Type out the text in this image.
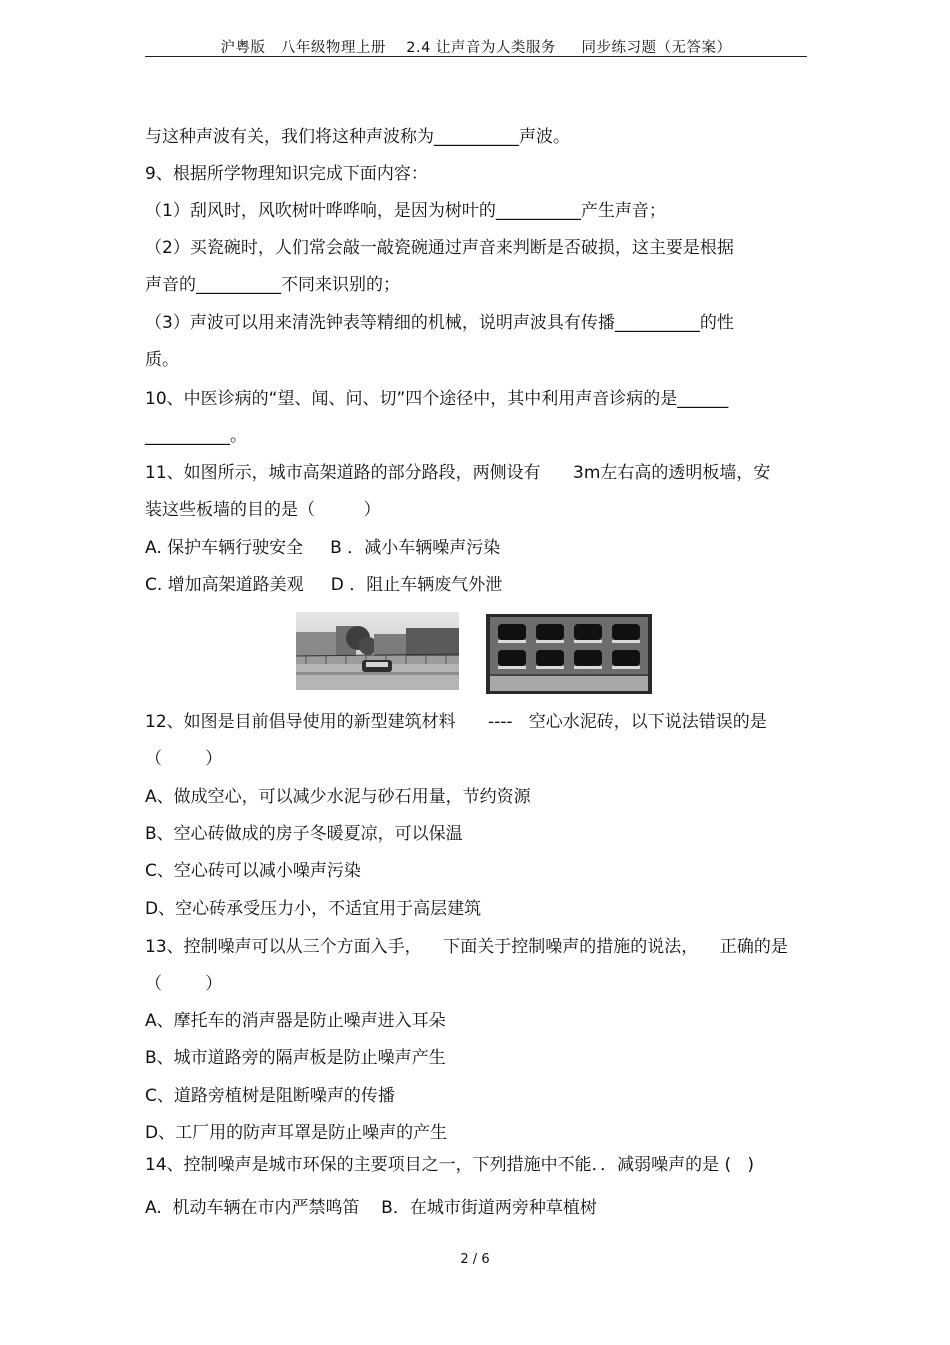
沪粤版   八年级物理上册    2.4 让声音为人类服务     同步练习题（无答案）
与这种声波有关，我们将这种声波称为__________声波。
9、根据所学物理知识完成下面内容：
（1）刮风时，风吹树叶哗哗响，是因为树叶的__________产生声音；
（2）买瓷碗时，人们常会敲一敲瓷碗通过声音来判断是否破损，这主要是根据
声音的__________不同来识别的；
（3）声波可以用来清洗钟表等精细的机械，说明声波具有传播__________的性
质。
10、中医诊病的“望、闻、问、切”四个途径中，其中利用声音诊病的是______
__________。
11、如图所示，城市高架道路的部分路段，两侧设有      3m左右高的透明板墙，安
装这些板墙的目的是（         ）
A. 保护车辆行驶安全     B ．减小车辆噪声污染
C. 增加高架道路美观     D ．阻止车辆废气外泄
12、如图是目前倡导使用的新型建筑材料      ----   空心水泥砖，以下说法错误的是
（        ）
A、做成空心，可以减少水泥与砂石用量，节约资源
B、空心砖做成的房子冬暖夏凉，可以保温
C、空心砖可以减小噪声污染
D、空心砖承受压力小，不适宜用于高层建筑
13、控制噪声可以从三个方面入手，    下面关于控制噪声的措施的说法，    正确的是
（        ）
A、摩托车的消声器是防止噪声进入耳朵
B、城市道路旁的隔声板是防止噪声产生
C、道路旁植树是阻断噪声的传播
D、工厂用的防声耳罩是防止噪声的产生
14、控制噪声是城市环保的主要项目之一，下列措施中不能．．减弱噪声的是 (   )
A.  机动车辆在市内严禁鸣笛    B．在城市街道两旁种草植树
2 / 6
